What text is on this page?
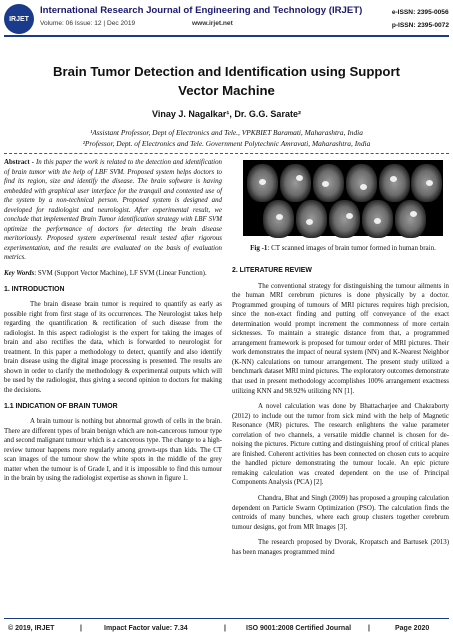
IRJET
International Research Journal of Engineering and Technology (IRJET)
Volume: 06 Issue: 12 | Dec 2019	www.irjet.net
e-ISSN: 2395-0056
p-ISSN: 2395-0072
Brain Tumor Detection and Identification using Support
Vector Machine
Vinay J. Nagalkar¹, Dr. G.G. Sarate²
¹Assistant Professor, Dept of Electronics and Tele., VPKBIET Baramati, Maharashtra, India
²Professor, Dept. of Electronics and Tele. Government Polytechnic Amravati, Maharashtra, India

Abstract - In this paper the work is related to the detection and identification of brain tumor with the help of LBF SVM. Proposed system helps doctors to find its region, size and identify the disease. The brain software is having embedded with graphical user interface for the tranquil and contented use of the system by a non-technical person. Proposed system is designed and developed for radiologist and neurologist. After experimental result, we conclude that implemented Brain Tumor identification strategy with LBF SVM optimize the performance of doctors for detecting the brain disease meritoriously. Proposed system experimental result tested after rigorous experimentation, and the results are evaluated on the basis of evaluation metrics.

Key Words: SVM (Support Vector Machine), LF SVM (Linear Function).

1. INTRODUCTION

The brain disease brain tumor is required to quantify as early as possible right from first stage of its occurrences. The Neurologist takes help regarding the quantification & rectification of such disease from the radiologist. In this aspect radiologist is the expert for taking the images of brain and also rectifies the data, which is forwarded to neurologist for treatment. In this paper a methodology to detect, quantify and also identify brain disease using the digital image processing is presented. The results are shown in order to clarify the methodology & experimental outputs which will be used by the radiologist, thus giving a second opinion to doctors for making the decisions.

1.1 INDICATION OF BRAIN TUMOR

A brain tumour is nothing but abnormal growth of cells in the brain. There are different types of brain benign which are non-cancerous tumour type and second malignant tumour which is a cancerous type. The change to a high-review tumour happens more regularly among grown-ups than kids. The CT scan images of the tumour show the white spots in the middle of the grey matter when the tumour is of Grade I, and it is impossible to find this tumour in the brain by using the radiologist expertise as shown in figure 1.

Fig -1: CT scanned images of brain tumor formed in human brain.

2. LITERATURE REVIEW

The conventional strategy for distinguishing the tumour ailments in the human MRI cerebrum pictures is done physically by a doctor. Programmed grouping of tumours of MRI pictures requires high precision, since the non-exact finding and putting off conveyance of the exact determination would prompt increment the commonness of more certain sicknesses. To maintain a strategic distance from that, a programmed arrangement framework is proposed for tumour order of MRI pictures. Their work demonstrates the impact of neural system (NN) and K-Nearest Neighbor (K-NN) calculations on tumour arrangement. The present study utilized a benchmark dataset MRI mind pictures. The exploratory outcomes demonstrate that used in present methodology accomplishes 100% arrangement exactness utilizing KNN and 98.92% utilizing NN [1].

A novel calculation was done by Bhattacharjee and Chakraborty (2012) to include out the tumor from sick mind with the help of Magnetic Resonance (MR) pictures. The research enlightens the value parameter correlation of two channels, a versatile middle channel is chosen for de-noising the pictures. Picture cutting and distinguishing proof of critical planes are finished. Coherent activities has been connected on chosen cuts to acquire the handled picture demonstrating the tumour locale. An epic picture remaking calculation was created dependent on the use of Principal Components Analysis (PCA) [2].

Chandra, Bhat and Singh (2009) has proposed a grouping calculation dependent on Particle Swarm Optimization (PSO). The calculation finds the centroids of many bunches, where each group clusters together cerebrum tumour designs, got from MR Images [3].

The research proposed by Dvorak, Kropatsch and Bartusek (2013) has been manages programmed mind

© 2019, IRJET	|	Impact Factor value: 7.34	|	ISO 9001:2008 Certified Journal |	Page 2020
